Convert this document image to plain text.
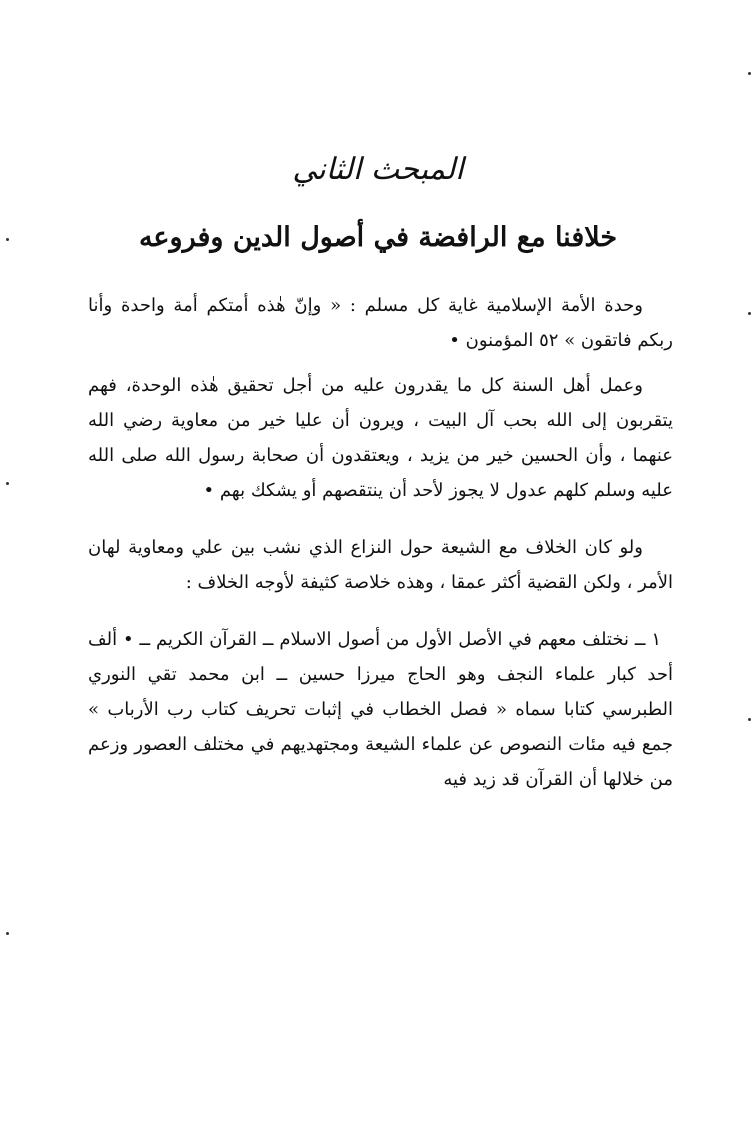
المبحث الثاني
خلافنا مع الرافضة في أصول الدين وفروعه

وحدة الأمة الإسلامية غاية كل مسلم : « وإنّ هٰذه أمتكم أمة واحدة وأنا ربكم فاتقون » ٥٢ المؤمنون •

وعمل أهل السنة كل ما يقدرون عليه من أجل تحقيق هٰذه الوحدة، فهم يتقربون إلى الله بحب آل البيت ، ويرون أن عليا خير من معاوية رضي الله عنهما ، وأن الحسين خير من يزيد ، ويعتقدون أن صحابة رسول الله صلى الله عليه وسلم كلهم عدول لا يجوز لأحد أن ينتقصهم أو يشكك بهم •

ولو كان الخلاف مع الشيعة حول النزاع الذي نشب بين علي ومعاوية لهان الأمر ، ولكن القضية أكثر عمقا ، وهذه خلاصة كثيفة لأوجه الخلاف :

١ ــ نختلف معهم في الأصل الأول من أصول الاسلام ــ القرآن الكريم ــ • ألف أحد كبار علماء النجف وهو الحاج ميرزا حسين ــ ابن محمد تقي النوري الطبرسي كتابا سماه « فصل الخطاب في إثبات تحريف كتاب رب الأرباب » جمع فيه مئات النصوص عن علماء الشيعة ومجتهديهم في مختلف العصور وزعم من خلالها أن القرآن قد زيد فيه
